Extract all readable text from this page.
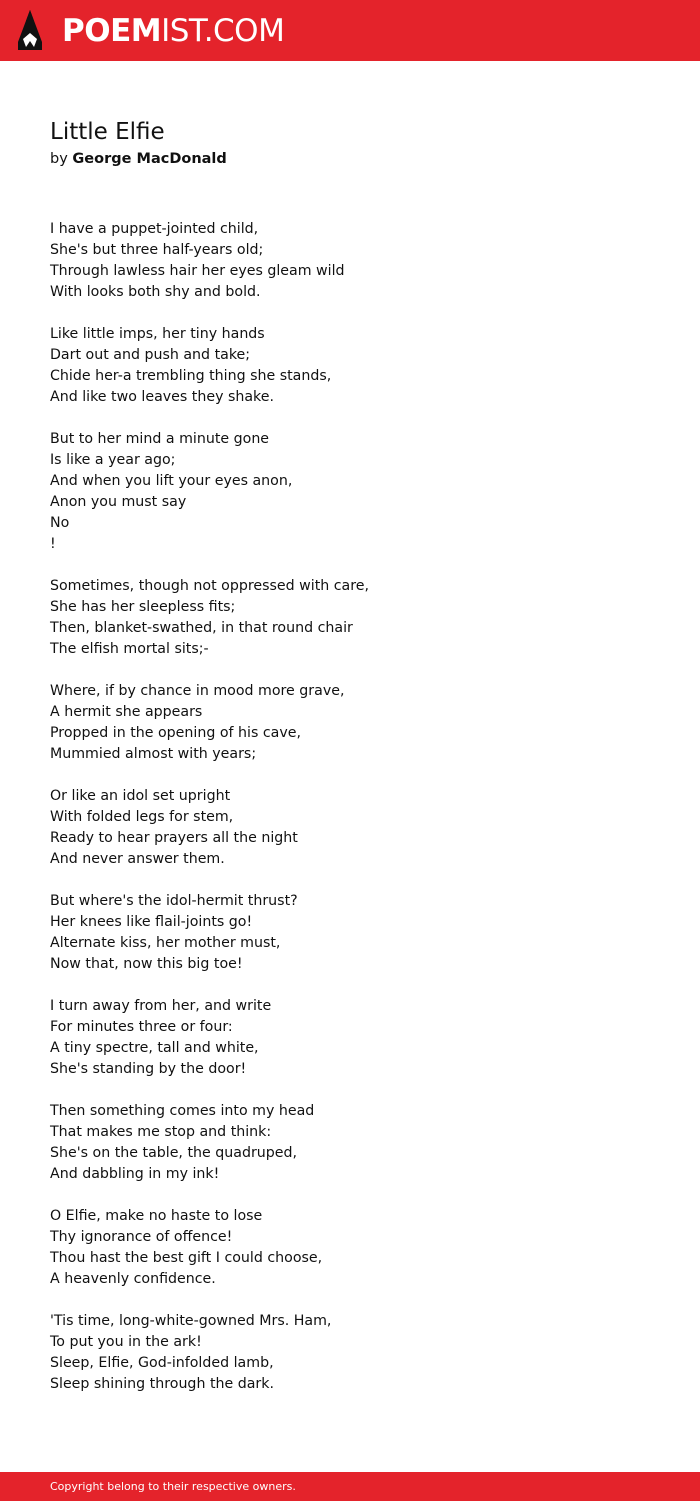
POEMIST.COM
Little Elfie
by George MacDonald
I have a puppet-jointed child,
She's but three half-years old;
Through lawless hair her eyes gleam wild
With looks both shy and bold.
Like little imps, her tiny hands
Dart out and push and take;
Chide her-a trembling thing she stands,
And like two leaves they shake.
But to her mind a minute gone
Is like a year ago;
And when you lift your eyes anon,
Anon you must say
No
!
Sometimes, though not oppressed with care,
She has her sleepless fits;
Then, blanket-swathed, in that round chair
The elfish mortal sits;-
Where, if by chance in mood more grave,
A hermit she appears
Propped in the opening of his cave,
Mummied almost with years;
Or like an idol set upright
With folded legs for stem,
Ready to hear prayers all the night
And never answer them.
But where's the idol-hermit thrust?
Her knees like flail-joints go!
Alternate kiss, her mother must,
Now that, now this big toe!
I turn away from her, and write
For minutes three or four:
A tiny spectre, tall and white,
She's standing by the door!
Then something comes into my head
That makes me stop and think:
She's on the table, the quadruped,
And dabbling in my ink!
O Elfie, make no haste to lose
Thy ignorance of offence!
Thou hast the best gift I could choose,
A heavenly confidence.
'Tis time, long-white-gowned Mrs. Ham,
To put you in the ark!
Sleep, Elfie, God-infolded lamb,
Sleep shining through the dark.
Copyright belong to their respective owners.
